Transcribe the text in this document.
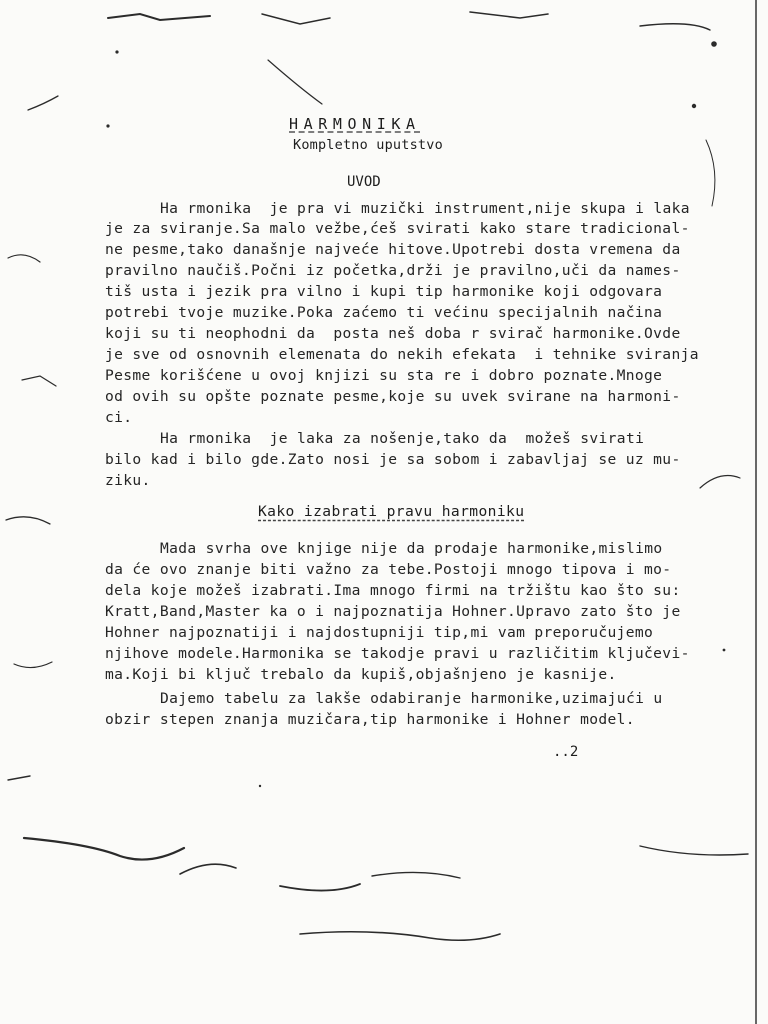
HARMONIKA
Kompletno uputstvo
UVOD
Ha rmonika  je pra vi muzički instrument,nije skupa i laka
je za sviranje.Sa malo vežbe,ćeš svirati kako stare tradicional-
ne pesme,tako današnje najveće hitove.Upotrebi dosta vremena da
pravilno naučiš.Počni iz početka,drži je pravilno,uči da names-
tiš usta i jezik pra vilno i kupi tip harmonike koji odgovara
potrebi tvoje muzike.Poka zaćemo ti većinu specijalnih načina
koji su ti neophodni da  posta neš doba r svirač harmonike.Ovde
je sve od osnovnih elemenata do nekih efekata  i tehnike sviranja
Pesme korišćene u ovoj knjizi su sta re i dobro poznate.Mnoge
od ovih su opšte poznate pesme,koje su uvek svirane na harmoni-
ci.
Ha rmonika  je laka za nošenje,tako da  možeš svirati
bilo kad i bilo gde.Zato nosi je sa sobom i zabavljaj se uz mu-
ziku.
Kako izabrati pravu harmoniku
Mada svrha ove knjige nije da prodaje harmonike,mislimo
da će ovo znanje biti važno za tebe.Postoji mnogo tipova i mo-
dela koje možeš izabrati.Ima mnogo firmi na tržištu kao što su:
Kratt,Band,Master ka o i najpoznatija Hohner.Upravo zato što je
Hohner najpoznatiji i najdostupniji tip,mi vam preporučujemo
njihove modele.Harmonika se takodje pravi u različitim ključevi-
ma.Koji bi ključ trebalo da kupiš,objašnjeno je kasnije.
Dajemo tabelu za lakše odabiranje harmonike,uzimajući u
obzir stepen znanja muzičara,tip harmonike i Hohner model.
..2
